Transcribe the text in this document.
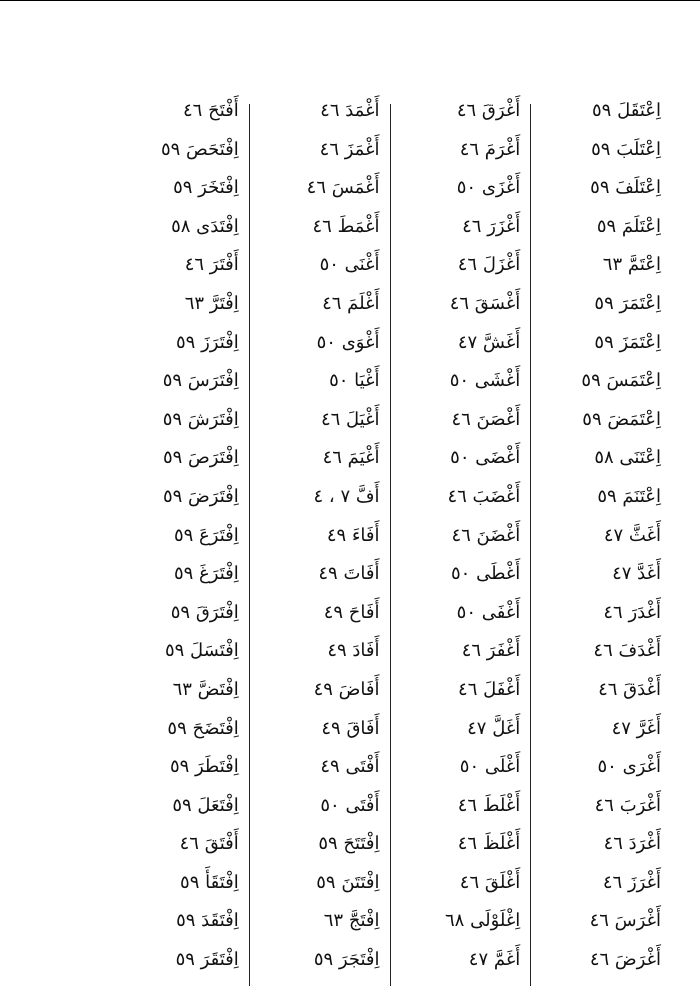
اِعْتَقَلَ ٥٩
اِعْتَلَبَ ٥٩
اِعْتَلَفَ ٥٩
اِعْتَلَمَ ٥٩
اِعْتَمَّ ٦٣
اِعْتَمَرَ ٥٩
اِعْتَمَزَ ٥٩
اِعْتَمَسَ ٥٩
اِعْتَمَضَ ٥٩
اِعْتَنَى ٥٨
اِعْتَنَمَ ٥٩
أَغَثَّ ٤٧
أَغَدَّ ٤٧
أَغْدَرَ ٤٦
أَغْدَفَ ٤٦
أَغْدَقَ ٤٦
أَغَرَّ ٤٧
أَغْرَى ٥٠
أَغْرَبَ ٤٦
أَغْرَدَ ٤٦
أَغْرَزَ ٤٦
أَغْرَسَ ٤٦
أَغْرَضَ ٤٦
أَغْرَقَ ٤٦
أَغْرَمَ ٤٦
أَغْزَى ٥٠
أَغْزَرَ ٤٦
أَغْزَلَ ٤٦
أَغْسَقَ ٤٦
أَغَشَّ ٤٧
أَغْشَى ٥٠
أَغْصَنَ ٤٦
أَغْضَى ٥٠
أَغْضَبَ ٤٦
أَغْضَنَ ٤٦
أَغْطَى ٥٠
أَغْفَى ٥٠
أَغْفَرَ ٤٦
أَغْفَلَ ٤٦
أَغَلَّ ٤٧
أَغْلَى ٥٠
أَغْلَطَ ٤٦
أَغْلَظَ ٤٦
أَغْلَقَ ٤٦
اِغْلَوْلَى ٦٨
أَغَمَّ ٤٧
أَغْمَدَ ٤٦
أَغْمَزَ ٤٦
أَغْمَسَ ٤٦
أَغْمَطَ ٤٦
أَغْنَى ٥٠
أَغْلَمَ ٤٦
أَغْوَى ٥٠
أَغْيَا ٥٠
أَغْيَلَ ٤٦
أَغْيَمَ ٤٦
أَفَّ ٧ ، ٤
أَفَاءَ ٤٩
أَفَاتَ ٤٩
أَفَاحَ ٤٩
أَفَادَ ٤٩
أَفَاضَ ٤٩
أَفَاقَ ٤٩
أَفْتَى ٤٩
أَفْتَى ٥٠
اِفْتَتَحَ ٥٩
اِفْتَتَنَ ٥٩
اِفْتَجَّ ٦٣
اِفْتَجَرَ ٥٩
أَفْتَحَ ٤٦
اِفْتَحَصَ ٥٩
اِفْتَخَرَ ٥٩
اِفْتَدَى ٥٨
أَفْتَرَ ٤٦
اِفْتَرَّ ٦٣
اِفْتَرَزَ ٥٩
اِفْتَرَسَ ٥٩
اِفْتَرَشَ ٥٩
اِفْتَرَصَ ٥٩
اِفْتَرَضَ ٥٩
اِفْتَرَعَ ٥٩
اِفْتَرَغَ ٥٩
اِفْتَرَقَ ٥٩
اِفْتَسَلَ ٥٩
اِفْتَضَّ ٦٣
اِفْتَضَحَ ٥٩
اِفْتَطَرَ ٥٩
اِفْتَعَلَ ٥٩
أَفْتَقَ ٤٦
اِفْتَقَأَ ٥٩
اِفْتَقَدَ ٥٩
اِفْتَقَرَ ٥٩
